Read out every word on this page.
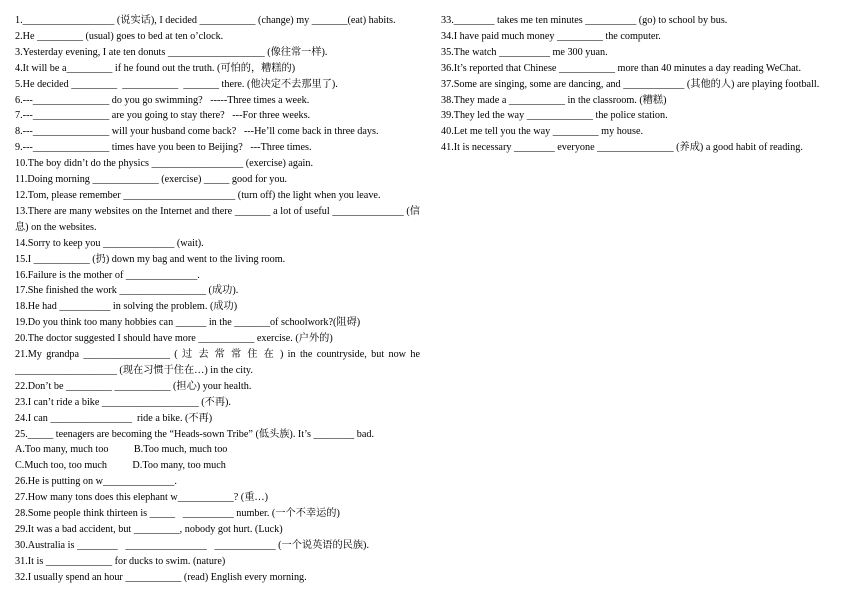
1.__________________ (说实话), I decided ___________ (change) my _______(eat) habits.
2.He _________ (usual) goes to bed at ten o’clock.
3.Yesterday evening, I ate ten donuts ___________________ (像往常一样).
4.It will be a_________ if he found out the truth. (可怕的，糟糕的)
5.He decided _________  ___________  _______ there. (他决定不去那里了).
6.---_______________ do you go swimming?   -----Three times a week.
7.---_______________ are you going to stay there?   ---For three weeks.
8.---_______________ will your husband come back?   ---He’ll come back in three days.
9.---_______________ times have you been to Beijing?   ---Three times.
10.The boy didn’t do the physics __________________ (exercise) again.
11.Doing morning _____________ (exercise) _____ good for you.
12.Tom, please remember ______________________ (turn off) the light when you leave.
13.There are many websites on the Internet and there _______ a lot of useful ______________ (信息) on the websites.
14.Sorry to keep you ______________ (wait).
15.I ___________ (扔) down my bag and went to the living room.
16.Failure is the mother of ______________.
17.She finished the work _________________ (成功).
18.He had __________ in solving the problem. (成功)
19.Do you think too many hobbies can ______ in the _______of schoolwork?(阻碍)
20.The doctor suggested I should have more ___________ exercise. (户外的)
21.My grandpa _________________ ( 过 去 常 常 住 在 ) in the countryside, but now he ____________________ (现在习惯于住在…) in the city.
22.Don’t be _________ ___________ (担心) your health.
23.I can’t ride a bike ___________________ (不再).
24.I can ________________  ride a bike. (不再)
25._____ teenagers are becoming the “Heads-sown Tribe” (低头族). It’s ________ bad.
A.Too many, much too          B.Too much, much too
C.Much too, too much          D.Too many, too much
26.He is putting on w______________.
27.How many tons does this elephant w___________? (重…)
28.Some people think thirteen is _____   __________ number. (一个不幸运的)
29.It was a bad accident, but _________, nobody got hurt. (Luck)
30.Australia is ________   ________________   ____________ (一个说英语的民族).
31.It is _____________ for ducks to swim. (nature)
32.I usually spend an hour ___________ (read) English every morning.
33.________ takes me ten minutes __________ (go) to school by bus.
34.I have paid much money _________ the computer.
35.The watch __________ me 300 yuan.
36.It’s reported that Chinese ___________ more than 40 minutes a day reading WeChat.
37.Some are singing, some are dancing, and ____________ (其他的人) are playing football.
38.They made a ___________ in the classroom. (糟糕)
39.They led the way _____________ the police station.
40.Let me tell you the way _________ my house.
41.It is necessary ________ everyone _______________ (养成) a good habit of reading.
